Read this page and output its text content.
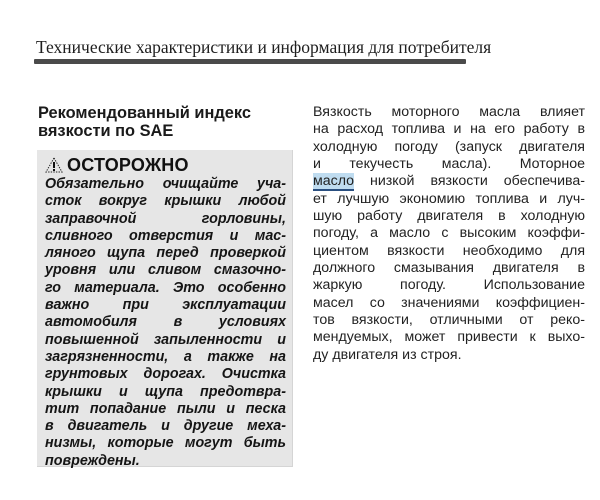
Технические характеристики и информация для потребителя
Рекомендованный индекс
вязкости по SAE
ОСТОРОЖНО
Обязательно очищайте уча-
сток вокруг крышки любой
заправочной горловины,
сливного отверстия и мас-
ляного щупа перед проверкой
уровня или сливом смазочно-
го материала. Это особенно
важно при эксплуатации
автомобиля в условиях
повышенной запыленности и
загрязненности, а также на
грунтовых дорогах. Очистка
крышки и щупа предотвра-
тит попадание пыли и песка
в двигатель и другие меха-
низмы, которые могут быть
повреждены.
Вязкость моторного масла влияет
на расход топлива и на его работу в
холодную погоду (запуск двигателя
и текучесть масла). Моторное
масло низкой вязкости обеспечива-
ет лучшую экономию топлива и луч-
шую работу двигателя в холодную
погоду, а масло с высоким коэффи-
циентом вязкости необходимо для
должного смазывания двигателя в
жаркую погоду. Использование
масел со значениями коэффициен-
тов вязкости, отличными от реко-
мендуемых, может привести к выхо-
ду двигателя из строя.
